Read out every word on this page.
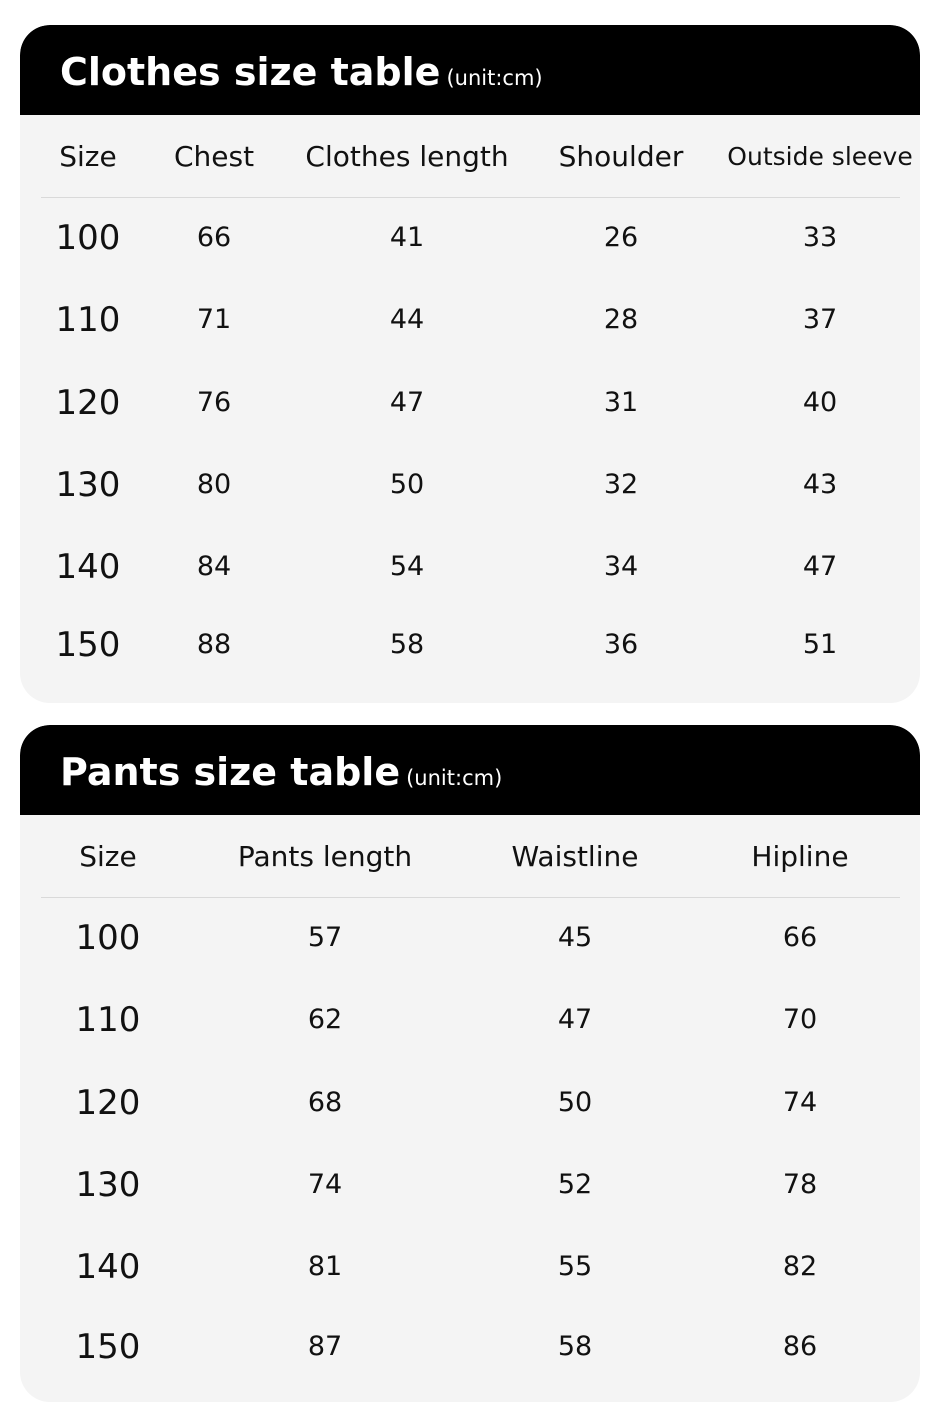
Clothes size table (unit:cm)
Size	Chest	Clothes length	Shoulder	Outside sleeve
100	66	41	26	33
110	71	44	28	37
120	76	47	31	40
130	80	50	32	43
140	84	54	34	47
150	88	58	36	51
Pants size table (unit:cm)
Size	Pants length	Waistline	Hipline
100	57	45	66
110	62	47	70
120	68	50	74
130	74	52	78
140	81	55	82
150	87	58	86
